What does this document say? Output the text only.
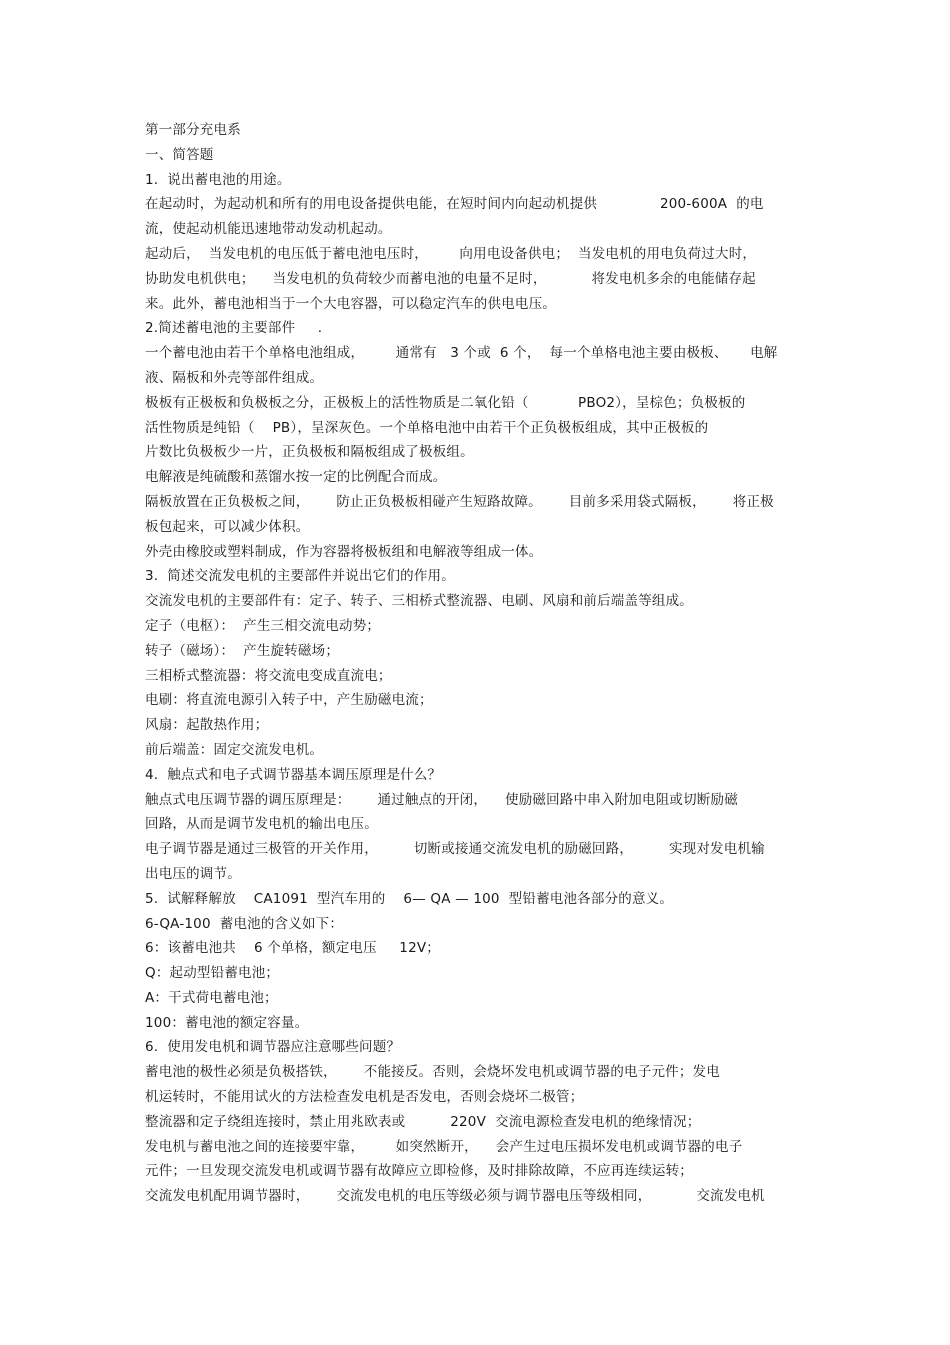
第一部分充电系
一、简答题
1.  说出蓄电池的用途。
在起动时，为起动机和所有的用电设备提供电能，在短时间内向起动机提供              200-600A  的电
流，使起动机能迅速地带动发动机起动。
起动后，  当发电机的电压低于蓄电池电压时，       向用电设备供电；  当发电机的用电负荷过大时，
协助发电机供电；    当发电机的负荷较少而蓄电池的电量不足时，          将发电机多余的电能储存起
来。此外，蓄电池相当于一个大电容器，可以稳定汽车的供电电压。
2.简述蓄电池的主要部件     .
一个蓄电池由若干个单格电池组成，       通常有   3 个或  6 个，  每一个单格电池主要由极板、     电解
液、隔板和外壳等部件组成。
极板有正极板和负极板之分，正极板上的活性物质是二氧化铅（           PBO2），呈棕色；负极板的
活性物质是纯铅（    PB），呈深灰色。一个单格电池中由若干个正负极板组成，其中正极板的
片数比负极板少一片，正负极板和隔板组成了极板组。
电解液是纯硫酸和蒸馏水按一定的比例配合而成。
隔板放置在正负极板之间，      防止正负极板相碰产生短路故障。      目前多采用袋式隔板，      将正极
板包起来，可以减少体积。
外壳由橡胶或塑料制成，作为容器将极板组和电解液等组成一体。
3.  简述交流发电机的主要部件并说出它们的作用。
交流发电机的主要部件有：定子、转子、三相桥式整流器、电刷、风扇和前后端盖等组成。
定子（电枢）：  产生三相交流电动势；
转子（磁场）：  产生旋转磁场；
三相桥式整流器：将交流电变成直流电；
电刷：将直流电源引入转子中，产生励磁电流；
风扇：起散热作用；
前后端盖：固定交流发电机。
4.  触点式和电子式调节器基本调压原理是什么？
触点式电压调节器的调压原理是：      通过触点的开闭，    使励磁回路中串入附加电阻或切断励磁
回路，从而是调节发电机的输出电压。
电子调节器是通过三极管的开关作用，        切断或接通交流发电机的励磁回路，        实现对发电机输
出电压的调节。
5.  试解释解放    CA1091  型汽车用的    6— QA — 100  型铅蓄电池各部分的意义。
6-QA-100  蓄电池的含义如下：
6：该蓄电池共    6 个单格，额定电压     12V；
Q：起动型铅蓄电池；
A：干式荷电蓄电池；
100：蓄电池的额定容量。
6.  使用发电机和调节器应注意哪些问题？
蓄电池的极性必须是负极搭铁，      不能接反。否则，会烧坏发电机或调节器的电子元件；发电
机运转时，不能用试火的方法检查发电机是否发电，否则会烧坏二极管；
整流器和定子绕组连接时，禁止用兆欧表或          220V  交流电源检查发电机的绝缘情况；
发电机与蓄电池之间的连接要牢靠，       如突然断开，    会产生过电压损坏发电机或调节器的电子
元件；一旦发现交流发电机或调节器有故障应立即检修，及时排除故障，不应再连续运转；
交流发电机配用调节器时，      交流发电机的电压等级必须与调节器电压等级相同，          交流发电机
